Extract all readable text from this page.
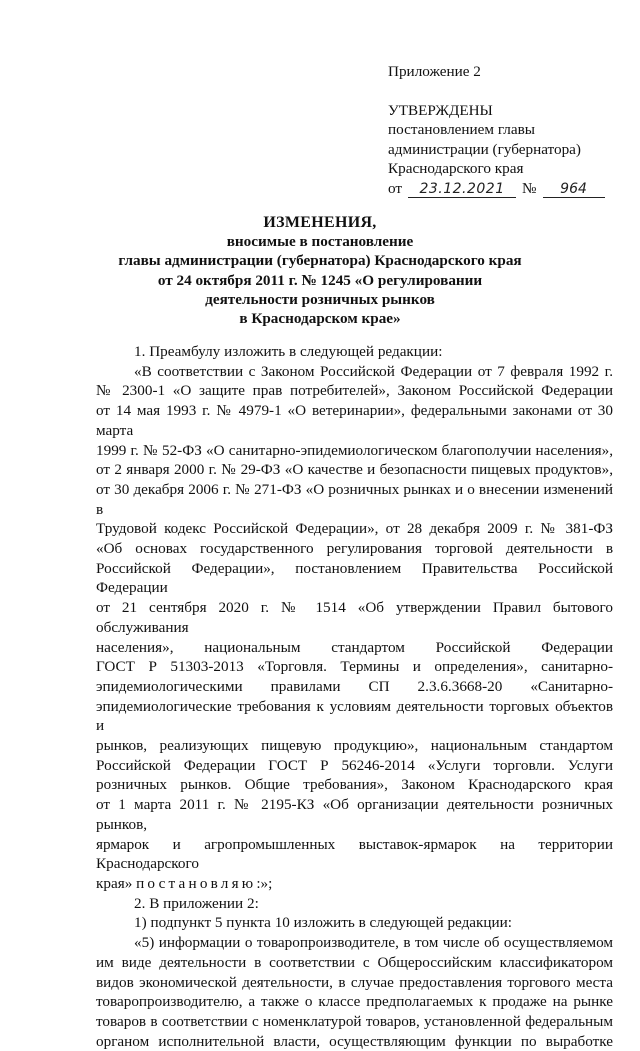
Приложение 2
УТВЕРЖДЕНЫ
постановлением главы
администрации (губернатора)
Краснодарского края
от	23.12.2021	№	964
ИЗМЕНЕНИЯ,
вносимые в постановление
главы администрации (губернатора) Краснодарского края
от 24 октября 2011 г. № 1245 «О регулировании
деятельности розничных рынков
в Краснодарском крае»

1. Преамбулу изложить в следующей редакции:

«В соответствии с Законом Российской Федерации от 7 февраля 1992 г.

№ 2300-1 «О защите прав потребителей», Законом Российской Федерации

от 14 мая 1993 г. № 4979-1 «О ветеринарии», федеральными законами от 30 марта

1999 г. № 52-ФЗ «О санитарно-эпидемиологическом благополучии населения»,

от 2 января 2000 г. № 29-ФЗ «О качестве и безопасности пищевых продуктов»,

от 30 декабря 2006 г. № 271-ФЗ «О розничных рынках и о внесении изменений в

Трудовой кодекс Российской Федерации», от 28 декабря 2009 г. № 381-ФЗ

«Об основах государственного регулирования торговой деятельности в

Российской Федерации», постановлением Правительства Российской Федерации

от 21 сентября 2020 г. № 1514 «Об утверждении Правил бытового обслуживания

населения», национальным стандартом Российской Федерации

ГОСТ Р 51303-2013 «Торговля. Термины и определения», санитарно-

эпидемиологическими правилами СП 2.3.6.3668-20 «Санитарно-

эпидемиологические требования к условиям деятельности торговых объектов и

рынков, реализующих пищевую продукцию», национальным стандартом

Российской Федерации ГОСТ Р 56246-2014 «Услуги торговли. Услуги

розничных рынков. Общие требования», Законом Краснодарского края

от 1 марта 2011 г. № 2195-КЗ «Об организации деятельности розничных рынков,

ярмарок и агропромышленных выставок-ярмарок на территории Краснодарского

края» постановляю:»;

2. В приложении 2:

1) подпункт 5 пункта 10 изложить в следующей редакции:

«5) информации о товаропроизводителе, в том числе об осуществляемом

им виде деятельности в соответствии с Общероссийским классификатором

видов экономической деятельности, в случае предоставления торгового места

товаропроизводителю, а также о классе предполагаемых к продаже на рынке

товаров в соответствии с номенклатурой товаров, установленной федеральным

органом исполнительной власти, осуществляющим функции по выработке
